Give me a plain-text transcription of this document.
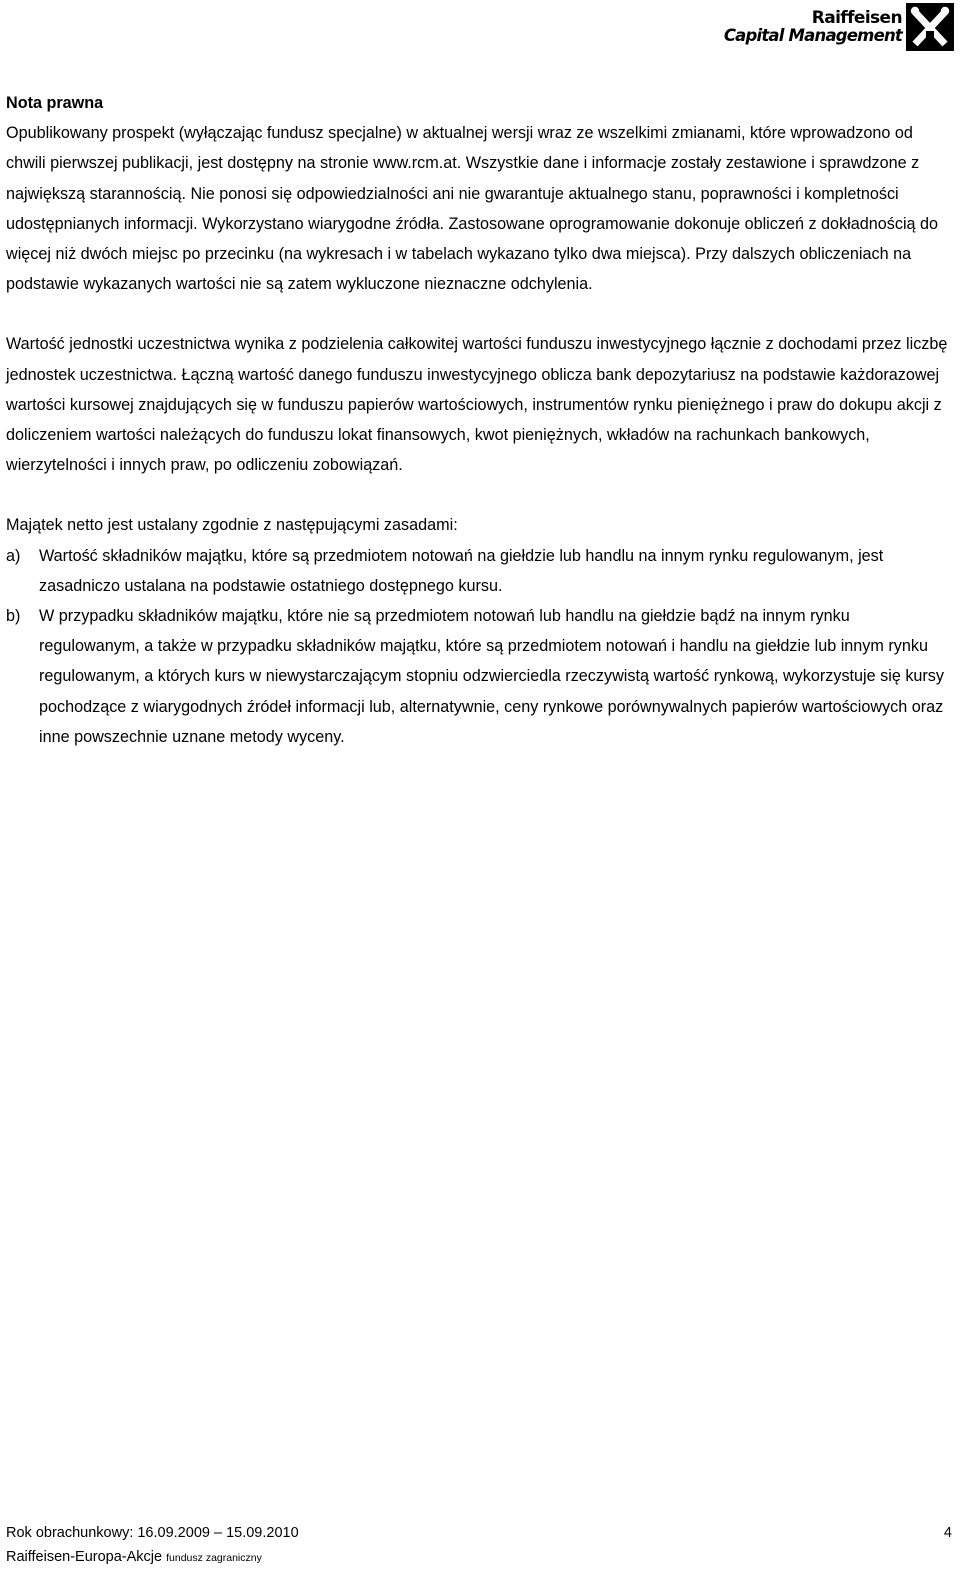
Raiffeisen
Capital Management

Nota prawna

Opublikowany prospekt (wyłączając fundusz specjalne) w aktualnej wersji wraz ze wszelkimi zmianami, które wprowadzono od chwili pierwszej publikacji, jest dostępny na stronie www.rcm.at. Wszystkie dane i informacje zostały zestawione i sprawdzone z największą starannością. Nie ponosi się odpowiedzialności ani nie gwarantuje aktualnego stanu, poprawności i kompletności udostępnianych informacji. Wykorzystano wiarygodne źródła. Zastosowane oprogramowanie dokonuje obliczeń z dokładnością do więcej niż dwóch miejsc po przecinku (na wykresach i w tabelach wykazano tylko dwa miejsca). Przy dalszych obliczeniach na podstawie wykazanych wartości nie są zatem wykluczone nieznaczne odchylenia.

Wartość jednostki uczestnictwa wynika z podzielenia całkowitej wartości funduszu inwestycyjnego łącznie z dochodami przez liczbę jednostek uczestnictwa. Łączną wartość danego funduszu inwestycyjnego oblicza bank depozytariusz na podstawie każdorazowej wartości kursowej znajdujących się w funduszu papierów wartościowych, instrumentów rynku pieniężnego i praw do dokupu akcji z doliczeniem wartości należących do funduszu lokat finansowych, kwot pieniężnych, wkładów na rachunkach bankowych, wierzytelności i innych praw, po odliczeniu zobowiązań.

Majątek netto jest ustalany zgodnie z następującymi zasadami:

a)	Wartość składników majątku, które są przedmiotem notowań na giełdzie lub handlu na innym rynku regulowanym, jest zasadniczo ustalana na podstawie ostatniego dostępnego kursu.
b)	W przypadku składników majątku, które nie są przedmiotem notowań lub handlu na giełdzie bądź na innym rynku regulowanym, a także w przypadku składników majątku, które są przedmiotem notowań i handlu na giełdzie lub innym rynku regulowanym, a których kurs w niewystarczającym stopniu odzwierciedla rzeczywistą wartość rynkową, wykorzystuje się kursy pochodzące z wiarygodnych źródeł informacji lub, alternatywnie, ceny rynkowe porównywalnych papierów wartościowych oraz inne powszechnie uznane metody wyceny.
Rok obrachunkowy: 16.09.2009 – 15.09.2010	4
Raiffeisen-Europa-Akcje fundusz zagraniczny
